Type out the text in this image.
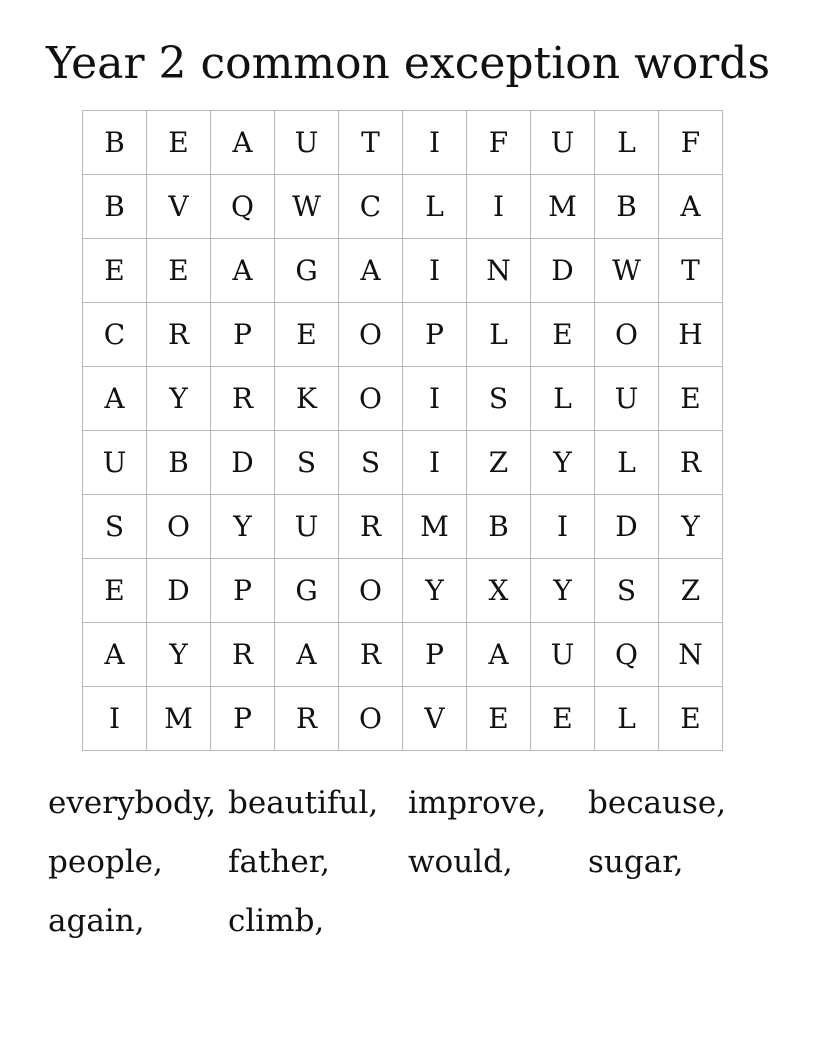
Year 2 common exception words
B	E	A	U	T	I	F	U	L	F
B	V	Q	W	C	L	I	M	B	A
E	E	A	G	A	I	N	D	W	T
C	R	P	E	O	P	L	E	O	H
A	Y	R	K	O	I	S	L	U	E
U	B	D	S	S	I	Z	Y	L	R
S	O	Y	U	R	M	B	I	D	Y
E	D	P	G	O	Y	X	Y	S	Z
A	Y	R	A	R	P	A	U	Q	N
I	M	P	R	O	V	E	E	L	E
everybody, beautiful, improve,	because,
people,	father,	would,	sugar,
again,	climb,
